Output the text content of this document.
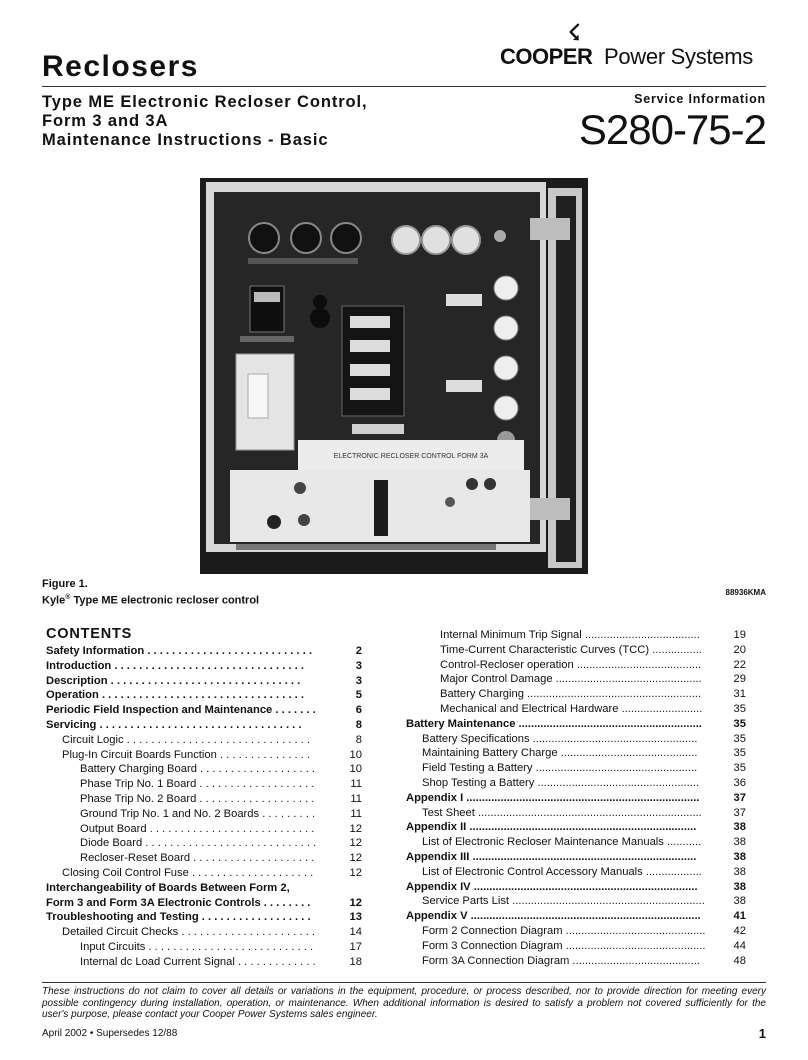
☇
COOPER Power Systems
Reclosers
Type ME Electronic Recloser Control,
Form 3 and 3A
Maintenance Instructions - Basic
Service Information
S280-75-2
ELECTRONIC RECLOSER CONTROL FORM 3A
Figure 1.
Kyle® Type ME electronic recloser control
88936KMA
CONTENTS
Safety Information . . . . . . . . . . . . . . . . . . . . . . . . . . .	2
Introduction . . . . . . . . . . . . . . . . . . . . . . . . . . . . . . .	3
Description . . . . . . . . . . . . . . . . . . . . . . . . . . . . . . .	3
Operation . . . . . . . . . . . . . . . . . . . . . . . . . . . . . . . . .	5
Periodic Field Inspection and Maintenance . . . . . . .	6
Servicing . . . . . . . . . . . . . . . . . . . . . . . . . . . . . . . . .	8
Circuit Logic . . . . . . . . . . . . . . . . . . . . . . . . . . . . . .	8
Plug-In Circuit Boards Function . . . . . . . . . . . . . . .	10
Battery Charging Board . . . . . . . . . . . . . . . . . . .	10
Phase Trip No. 1 Board . . . . . . . . . . . . . . . . . . .	11
Phase Trip No. 2 Board . . . . . . . . . . . . . . . . . . .	11
Ground Trip No. 1 and No. 2 Boards . . . . . . . . .	11
Output Board . . . . . . . . . . . . . . . . . . . . . . . . . . .	12
Diode Board . . . . . . . . . . . . . . . . . . . . . . . . . . . .	12
Recloser-Reset Board . . . . . . . . . . . . . . . . . . . .	12
Closing Coil Control Fuse . . . . . . . . . . . . . . . . . . . .	12
Interchangeability of Boards Between Form 2,
Form 3 and Form 3A Electronic Controls . . . . . . . .	12
Troubleshooting and Testing . . . . . . . . . . . . . . . . . .	13
Detailed Circuit Checks . . . . . . . . . . . . . . . . . . . . . .	14
Input Circuits . . . . . . . . . . . . . . . . . . . . . . . . . . .	17
Internal dc Load Current Signal . . . . . . . . . . . . .	18
Internal Minimum Trip Signal .....................................	19
Time-Current Characteristic Curves (TCC) ................	20
Control-Recloser operation ........................................	22
Major Control Damage ...............................................	29
Battery Charging ........................................................	31
Mechanical and Electrical Hardware ..........................	35
Battery Maintenance ...........................................................	35
Battery Specifications .....................................................	35
Maintaining Battery Charge ............................................	35
Field Testing a Battery ....................................................	35
Shop Testing a Battery ....................................................	36
Appendix I ...........................................................................	37
Test Sheet ........................................................................	37
Appendix II .........................................................................	38
List of Electronic Recloser Maintenance Manuals ...........	38
Appendix III ........................................................................	38
List of Electronic Control Accessory Manuals ..................	38
Appendix IV ........................................................................	38
Service Parts List ..............................................................	38
Appendix V ..........................................................................	41
Form 2 Connection Diagram .............................................	42
Form 3 Connection Diagram .............................................	44
Form 3A Connection Diagram .........................................	48
These instructions do not claim to cover all details or variations in the equipment, procedure, or process described, nor to provide direction for meeting every possible contingency during installation, operation, or maintenance. When additional information is desired to satisfy a problem not covered sufficiently for the user's purpose, please contact your Cooper Power Systems sales engineer.
April 2002 • Supersedes 12/88	1
